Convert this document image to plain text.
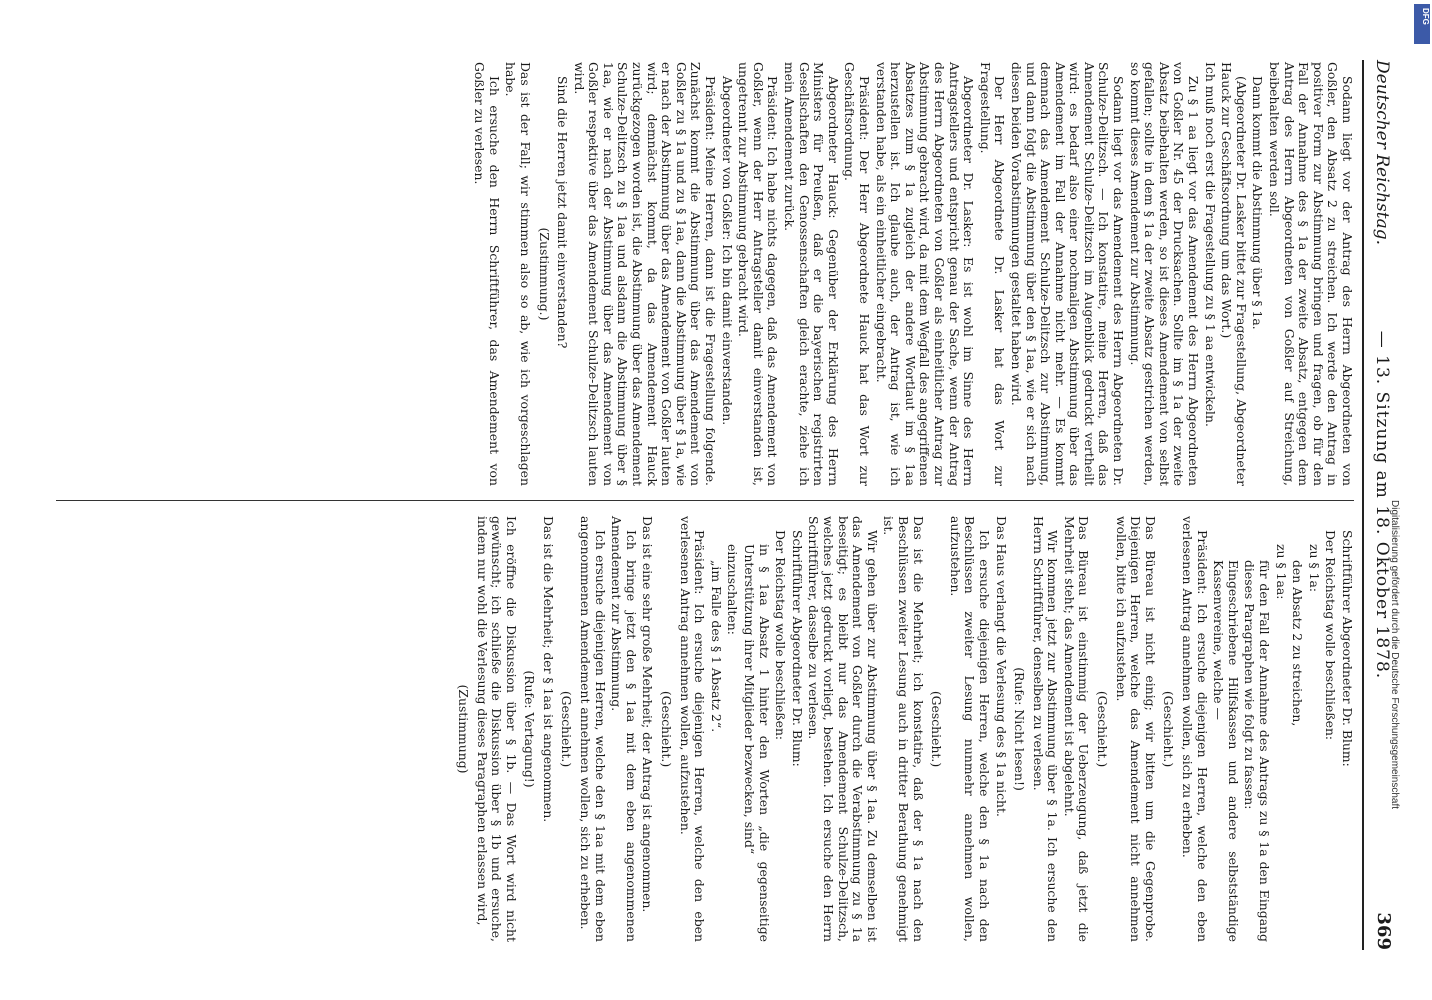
Deutscher Reichstag.
— 13. Sitzung am 18. Oktober 1878.
369

Sodann liegt vor der Antrag des Herrn Abgeordneten von Goßler, den Absatz 2 zu streichen. Ich werde den Antrag in positiver Form zur Abstimmung bringen und fragen, ob für den Fall der Annahme des § 1a der zweite Absatz, entgegen dem Antrag des Herrn Abgeordneten von Goßler auf Streichung, beibehalten werden soll.

Dann kommt die Abstimmung über § 1a.

(Abgeordneter Dr. Lasker bittet zur Fragestellung, Abgeordneter Hauck zur Geschäftsordnung um das Wort.)

Ich muß noch erst die Fragestellung zu § 1 aa entwickeln.

Zu § 1 aa liegt vor das Amendement des Herrn Abgeordneten von Goßler Nr. 45 der Drucksachen. Sollte im § 1a der zweite Absatz beibehalten werden, so ist dieses Amendement von selbst gefallen; sollte in dem § 1a der zweite Absatz gestrichen werden, so kommt dieses Amendement zur Abstimmung.

Sodann liegt vor das Amendement des Herrn Abgeordneten Dr. Schulze-Delitzsch. — Ich konstatire, meine Herren, daß das Amendement Schulze-Delitzsch im Augenblick gedruckt vertheilt wird: es bedarf also einer nochmaligen Abstimmung über das Amendement im Fall der Annahme nicht mehr. — Es kommt demnach das Amendement Schulze-Delitzsch zur Abstimmung, und dann folgt die Abstimmung über den § 1aa, wie er sich nach diesen beiden Vorabstimmungen gestaltet haben wird.

Der Herr Abgeordnete Dr. Lasker hat das Wort zur Fragestellung.

Abgeordneter Dr. Lasker: Es ist wohl im Sinne des Herrn Antragstellers und entspricht genau der Sache, wenn der Antrag des Herrn Abgeordneten von Goßler als einheitlicher Antrag zur Abstimmung gebracht wird, da mit dem Wegfall des angegriffenen Absatzes zum § 1a zugleich der andere Wortlaut im § 1aa herzustellen ist. Ich glaube auch, der Antrag ist, wie ich verstanden habe, als ein einheitlicher eingebracht.

Präsident: Der Herr Abgeordnete Hauck hat das Wort zur Geschäftsordnung.

Abgeordneter Hauck: Gegenüber der Erklärung des Herrn Ministers für Preußen, daß er die bayerischen registrirten Gesellschaften den Genossenschaften gleich erachte, ziehe ich mein Amendement zurück.

Präsident: Ich habe nichts dagegen, daß das Amendement von Goßler, wenn der Herr Antragsteller damit einverstanden ist, ungetrennt zur Abstimmung gebracht wird.

Abgeordneter von Goßler: Ich bin damit einverstanden.

Präsident: Meine Herren, dann ist die Fragestellung folgende. Zunächst kommt die Abstimmung über das Amendement von Goßler zu § 1a und zu § 1aa, dann die Abstimmung über § 1a, wie er nach der Abstimmung über das Amendement von Goßler lauten wird; demnächst kommt, da das Amendement Hauck zurückgezogen worden ist, die Abstimmung über das Amendement Schulze-Delitzsch zu § 1aa und alsdann die Abstimmung über § 1aa, wie er nach der Abstimmung über das Amendement von Goßler respektive über das Amendement Schulze-Delitzsch lauten wird.

Sind die Herren jetzt damit einverstanden?

(Zustimmung.)

Das ist der Fall; wir stimmen also so ab, wie ich vorgeschlagen habe.

Ich ersuche den Herrn Schriftführer, das Amendement von Goßler zu verlesen.

Schriftführer Abgeordneter Dr. Blum:

Der Reichstag wolle beschließen:

zu § 1a:

den Absatz 2 zu streichen,

zu § 1aa:

für den Fall der Annahme des Antrags zu § 1a den Eingang dieses Paragraphen wie folgt zu fassen:

Eingeschriebene Hilfskassen und andere selbstständige Kassenvereine, welche —

Präsident: Ich ersuche diejenigen Herren, welche den eben verlesenen Antrag annehmen wollen, sich zu erheben.

(Geschieht.)

Das Büreau ist nicht einig; wir bitten um die Gegenprobe. Diejenigen Herren, welche das Amendement nicht annehmen wollen, bitte ich aufzustehen.

(Geschieht.)

Das Büreau ist einstimmig der Ueberzeugung, daß jetzt die Mehrheit steht; das Amendement ist abgelehnt.

Wir kommen jetzt zur Abstimmung über § 1a. Ich ersuche den Herrn Schriftführer, denselben zu verlesen.

(Rufe: Nicht lesen!)

Das Haus verlangt die Verlesung des § 1a nicht.

Ich ersuche diejenigen Herren, welche den § 1a nach den Beschlüssen zweiter Lesung nunmehr annehmen wollen, aufzustehen.

(Geschieht.)

Das ist die Mehrheit; ich konstatire, daß der § 1a nach den Beschlüssen zweiter Lesung auch in dritter Berathung genehmigt ist.

Wir gehen über zur Abstimmung über § 1aa. Zu demselben ist das Amendement von Goßler durch die Verabstimmung zu § 1a beseitigt; es bleibt nur das Amendement Schulze-Delitzsch, welches jetzt gedruckt vorliegt, bestehen. Ich ersuche den Herrn Schriftführer, dasselbe zu verlesen.

Schriftführer Abgeordneter Dr. Blum:

Der Reichstag wolle beschließen:

in § 1aa Absatz 1 hinter den Worten „die gegenseitige Unterstützung ihrer Mitglieder bezwecken, sind“

einzuschalten:

„im Falle des § 1 Absatz 2“.

Präsident: Ich ersuche diejenigen Herren, welche den eben verlesenen Antrag annehmen wollen, aufzustehen.

(Geschieht.)

Das ist eine sehr große Mehrheit; der Antrag ist angenommen.

Ich bringe jetzt den § 1aa mit dem eben angenommenen Amendement zur Abstimmung.

Ich ersuche diejenigen Herren, welche den § 1aa mit dem eben angenommenen Amendement annehmen wollen, sich zu erheben.

(Geschieht.)

Das ist die Mehrheit; der § 1aa ist angenommen.

(Rufe: Vertagung!)

Ich eröffne die Diskussion über § 1b. — Das Wort wird nicht gewünscht; ich schließe die Diskussion über § 1b und ersuche, indem nur wohl die Verlesung dieses Paragraphen erlassen wird,

(Zustimmung)	Digitalisierung gefördert durch die Deutsche Forschungsgemeinschaft
DFG
